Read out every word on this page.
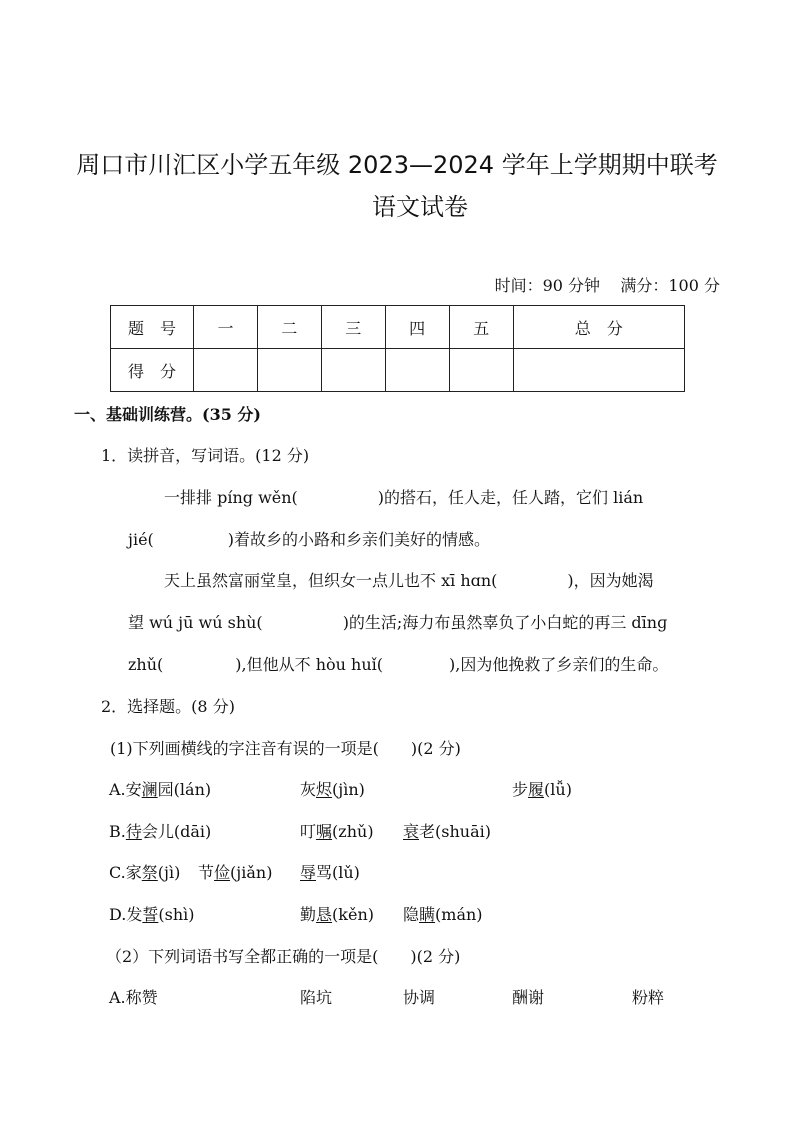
周口市川汇区小学五年级 2023—2024 学年上学期期中联考
语文试卷
时间：90 分钟 满分：100 分
题　号	一	二	三	四	五	总　分
得　分						
一、基础训练营。(35 分)
1．读拼音，写词语。(12 分)
一排排 píng wěn(	)的搭石，任人走，任人踏，它们 lián
jié(	)着故乡的小路和乡亲们美好的情感。
天上虽然富丽堂皇，但织女一点儿也不 xī hɑn(	)，因为她渴
望 wú jū wú shù(	)的生活;海力布虽然辜负了小白蛇的再三 dīnɡ
zhǔ(	),但他从不 hòu huǐ(	),因为他挽救了乡亲们的生命。
2．选择题。(8 分)
(1)下列画横线的字注音有误的一项是(　　)(2 分)
A.安澜园(lán)	灰烬(jìn)	步履(lǚ)
B.待会儿(dāi)	叮嘱(zhǔ) 衰老(shuāi)
C.家祭(jì) 节俭(jiǎn) 辱骂(lǔ)
D.发誓(shì)	勤恳(kěn) 隐瞒(mán)
（2）下列词语书写全都正确的一项是(　　)(2 分)
A.称赞	陷坑	协调	酬谢	粉粹
